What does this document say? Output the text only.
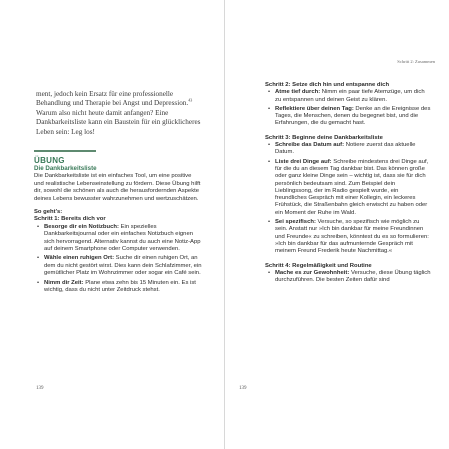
ment, jedoch kein Ersatz für eine professionelle Behandlung und Therapie bei Angst und Depression.$^{43}$ Warum also nicht heute damit anfangen? Eine Dankbarkeitsliste kann ein Baustein für ein glücklicheres Leben sein: Leg los!

ÜBUNG
Die Dankbarkeitsliste

Die Dankbarkeitsliste ist ein einfaches Tool, um eine positive und realistische Lebenseinstellung zu fördern. Diese Übung hilft dir, sowohl die schönen als auch die herausfordernden Aspekte deines Lebens bewusster wahrzunehmen und wertzuschätzen.

So geht's:

Schritt 1: Bereits dich vor

• Besorge dir ein Notizbuch: Ein spezielles Dankbarkeitsjournal oder ein einfaches Notizbuch eignen sich hervorragend. Alternativ kannst du auch eine Notiz-App auf deinem Smartphone oder Computer verwenden.
• Wähle einen ruhigen Ort: Suche dir einen ruhigen Ort, an dem du nicht gestört wirst. Dies kann dein Schlafzimmer, ein gemütlicher Platz im Wohnzimmer oder sogar ein Café sein.
• Nimm dir Zeit: Plane etwa zehn bis 15 Minuten ein. Es ist wichtig, dass du nicht unter Zeitdruck stehst.
139
Schritt 2: Zusammen

Schritt 2: Setze dich hin und entspanne dich

• Atme tief durch: Nimm ein paar tiefe Atemzüge, um dich zu entspannen und deinen Geist zu klären.
• Reflektiere über deinen Tag: Denke an die Ereignisse des Tages, die Menschen, denen du begegnet bist, und die Erfahrungen, die du gemacht hast.

Schritt 3: Beginne deine Dankbarkeitsliste

• Schreibe das Datum auf: Notiere zuerst das aktuelle Datum.
• Liste drei Dinge auf: Schreibe mindestens drei Dinge auf, für die du an diesem Tag dankbar bist. Das können große oder ganz kleine Dinge sein – wichtig ist, dass sie für dich persönlich bedeutsam sind. Zum Beispiel dein Lieblingssong, der im Radio gespielt wurde, ein freundliches Gespräch mit einer Kollegin, ein leckeres Frühstück, die Straßenbahn gleich erwischt zu haben oder ein Moment der Ruhe im Wald.
• Sei spezifisch: Versuche, so spezifisch wie möglich zu sein. Anstatt nur »Ich bin dankbar für meine Freundinnen und Freunde« zu schreiben, könntest du es so formulieren: »Ich bin dankbar für das aufmunternde Gespräch mit meinem Freund Frederik heute Nachmittag.«

Schritt 4: Regelmäßigkeit und Routine

• Mache es zur Gewohnheit: Versuche, diese Übung täglich durchzuführen. Die besten Zeiten dafür sind
139
